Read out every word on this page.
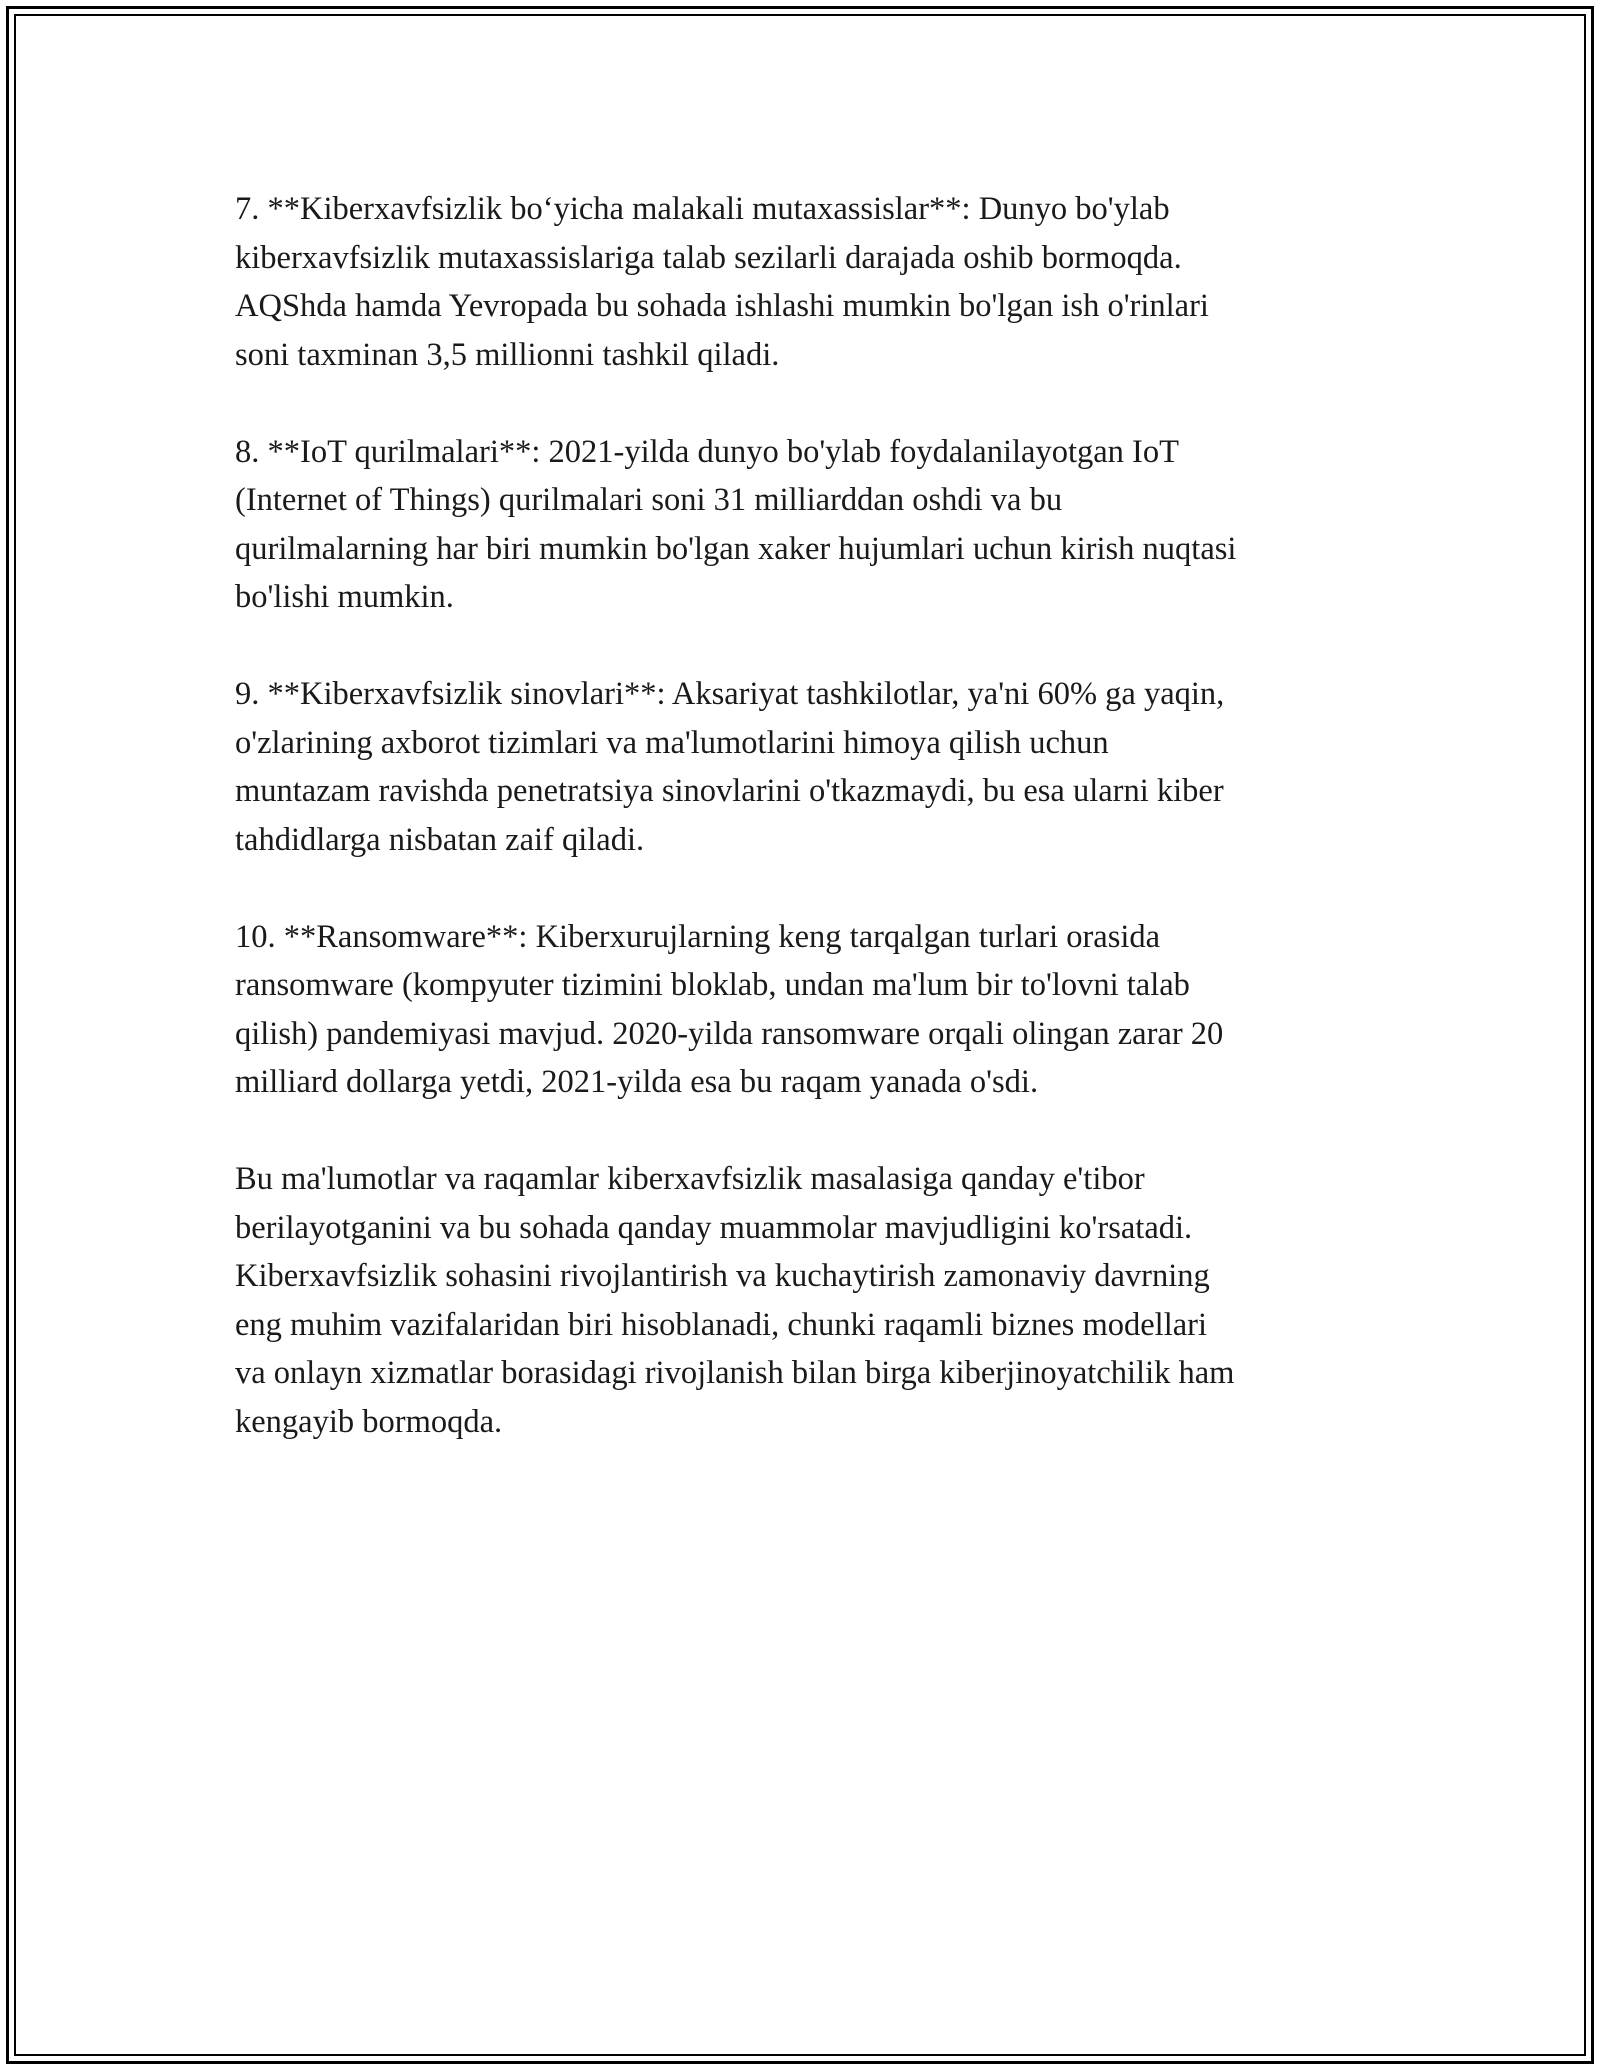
7. **Kiberxavfsizlik bo‘yicha malakali mutaxassislar**: Dunyo bo'ylab
kiberxavfsizlik mutaxassislariga talab sezilarli darajada oshib bormoqda.
AQShda hamda Yevropada bu sohada ishlashi mumkin bo'lgan ish o'rinlari
soni taxminan 3,5 millionni tashkil qiladi.

8. **IoT qurilmalari**: 2021-yilda dunyo bo'ylab foydalanilayotgan IoT
(Internet of Things) qurilmalari soni 31 milliarddan oshdi va bu
qurilmalarning har biri mumkin bo'lgan xaker hujumlari uchun kirish nuqtasi
bo'lishi mumkin.

9. **Kiberxavfsizlik sinovlari**: Aksariyat tashkilotlar, ya'ni 60% ga yaqin,
o'zlarining axborot tizimlari va ma'lumotlarini himoya qilish uchun
muntazam ravishda penetratsiya sinovlarini o'tkazmaydi, bu esa ularni kiber
tahdidlarga nisbatan zaif qiladi.

10. **Ransomware**: Kiberxurujlarning keng tarqalgan turlari orasida
ransomware (kompyuter tizimini bloklab, undan ma'lum bir to'lovni talab
qilish) pandemiyasi mavjud. 2020-yilda ransomware orqali olingan zarar 20
milliard dollarga yetdi, 2021-yilda esa bu raqam yanada o'sdi.

Bu ma'lumotlar va raqamlar kiberxavfsizlik masalasiga qanday e'tibor
berilayotganini va bu sohada qanday muammolar mavjudligini ko'rsatadi.
Kiberxavfsizlik sohasini rivojlantirish va kuchaytirish zamonaviy davrning
eng muhim vazifalaridan biri hisoblanadi, chunki raqamli biznes modellari
va onlayn xizmatlar borasidagi rivojlanish bilan birga kiberjinoyatchilik ham
kengayib bormoqda.
